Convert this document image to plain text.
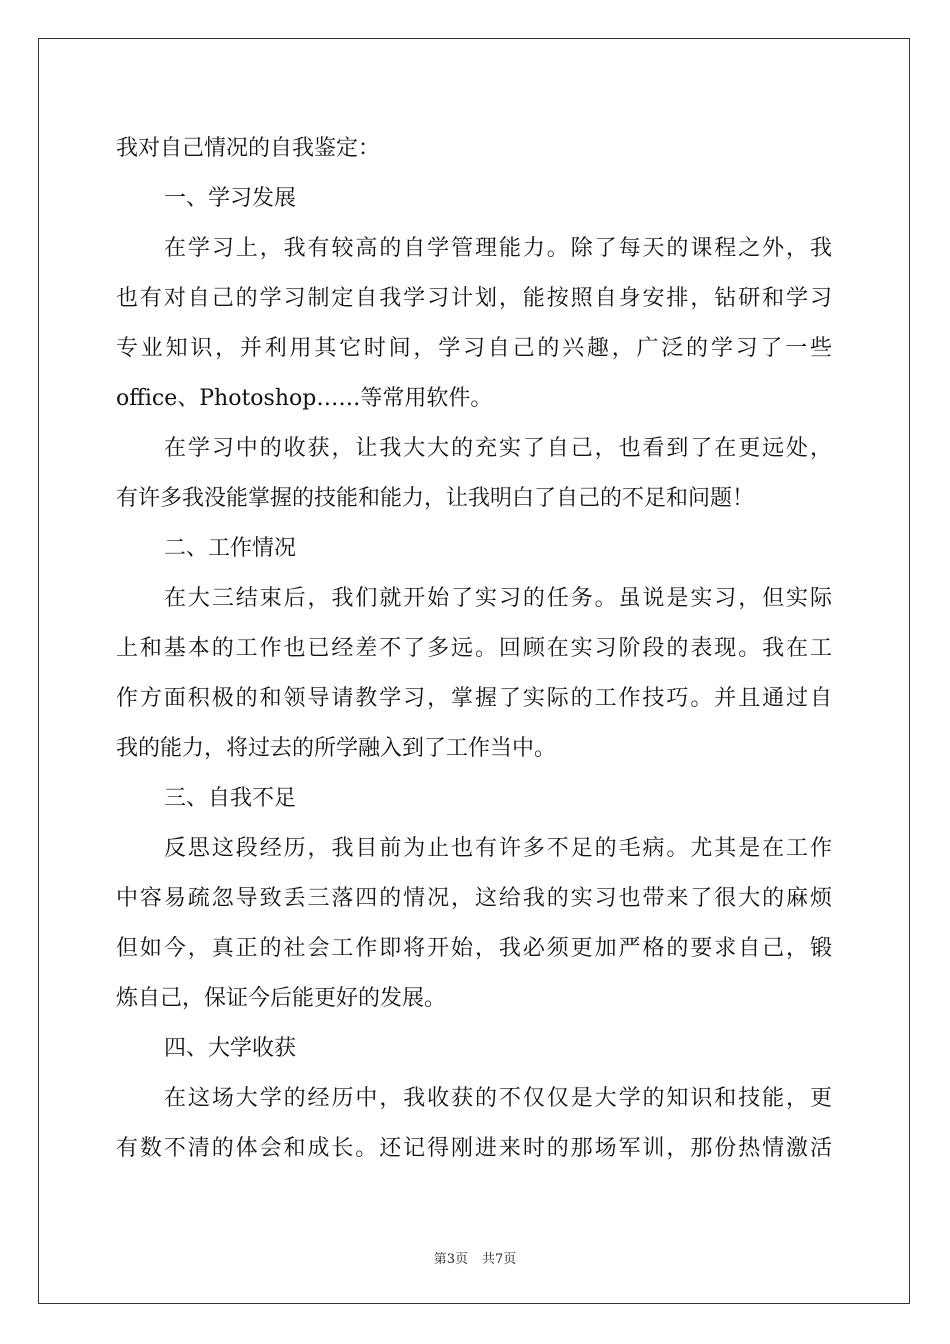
我对自己情况的自我鉴定：
一、学习发展
在学习上，我有较高的自学管理能力。除了每天的课程之外，我
也有对自己的学习制定自我学习计划，能按照自身安排，钻研和学习
专业知识，并利用其它时间，学习自己的兴趣，广泛的学习了一些
office、Photoshop……等常用软件。
在学习中的收获，让我大大的充实了自己，也看到了在更远处，
有许多我没能掌握的技能和能力，让我明白了自己的不足和问题！
二、工作情况
在大三结束后，我们就开始了实习的任务。虽说是实习，但实际
上和基本的工作也已经差不了多远。回顾在实习阶段的表现。我在工
作方面积极的和领导请教学习，掌握了实际的工作技巧。并且通过自
我的能力，将过去的所学融入到了工作当中。
三、自我不足
反思这段经历，我目前为止也有许多不足的毛病。尤其是在工作
中容易疏忽导致丢三落四的情况，这给我的实习也带来了很大的麻烦
但如今，真正的社会工作即将开始，我必须更加严格的要求自己，锻
炼自己，保证今后能更好的发展。
四、大学收获
在这场大学的经历中，我收获的不仅仅是大学的知识和技能，更
有数不清的体会和成长。还记得刚进来时的那场军训，那份热情激活
第3页 共7页
